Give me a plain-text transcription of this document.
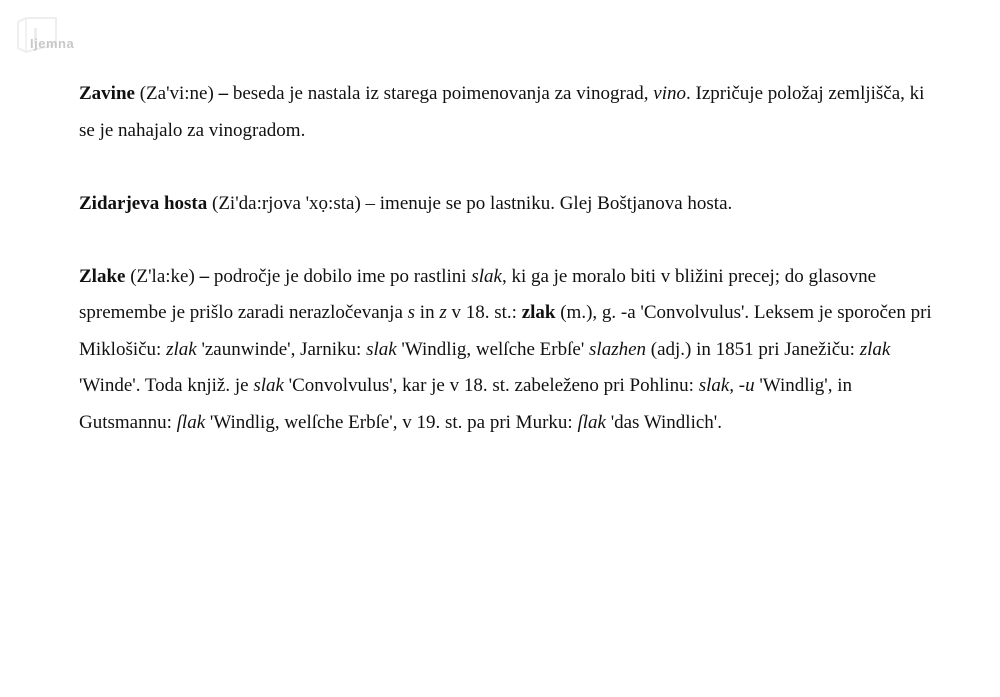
Ijemna

Zavine (Za'vi:ne) – beseda je nastala iz starega poimenovanja za vinograd, vino. Izpričuje položaj zemljišča, ki se je nahajalo za vinogradom.

Zidarjeva hosta (Zi'da:rjova 'xọ:sta) – imenuje se po lastniku. Glej Boštjanova hosta.

Zlake (Z'la:ke) – področje je dobilo ime po rastlini slak, ki ga je moralo biti v bližini precej; do glasovne spremembe je prišlo zaradi nerazločevanja s in z v 18. st.: zlak (m.), g. -a 'Convolvulus'. Leksem je sporočen pri Miklošiču: zlak 'zaunwinde', Jarniku: slak 'Windlig, welſche Erbſe' slazhen (adj.) in 1851 pri Janežiču: zlak 'Winde'. Toda knjiž. je slak 'Convolvulus', kar je v 18. st. zabeleženo pri Pohlinu: slak, -u 'Windlig', in Gutsmannu: ſlak 'Windlig, welſche Erbſe', v 19. st. pa pri Murku: ſlak 'das Windlich'.
